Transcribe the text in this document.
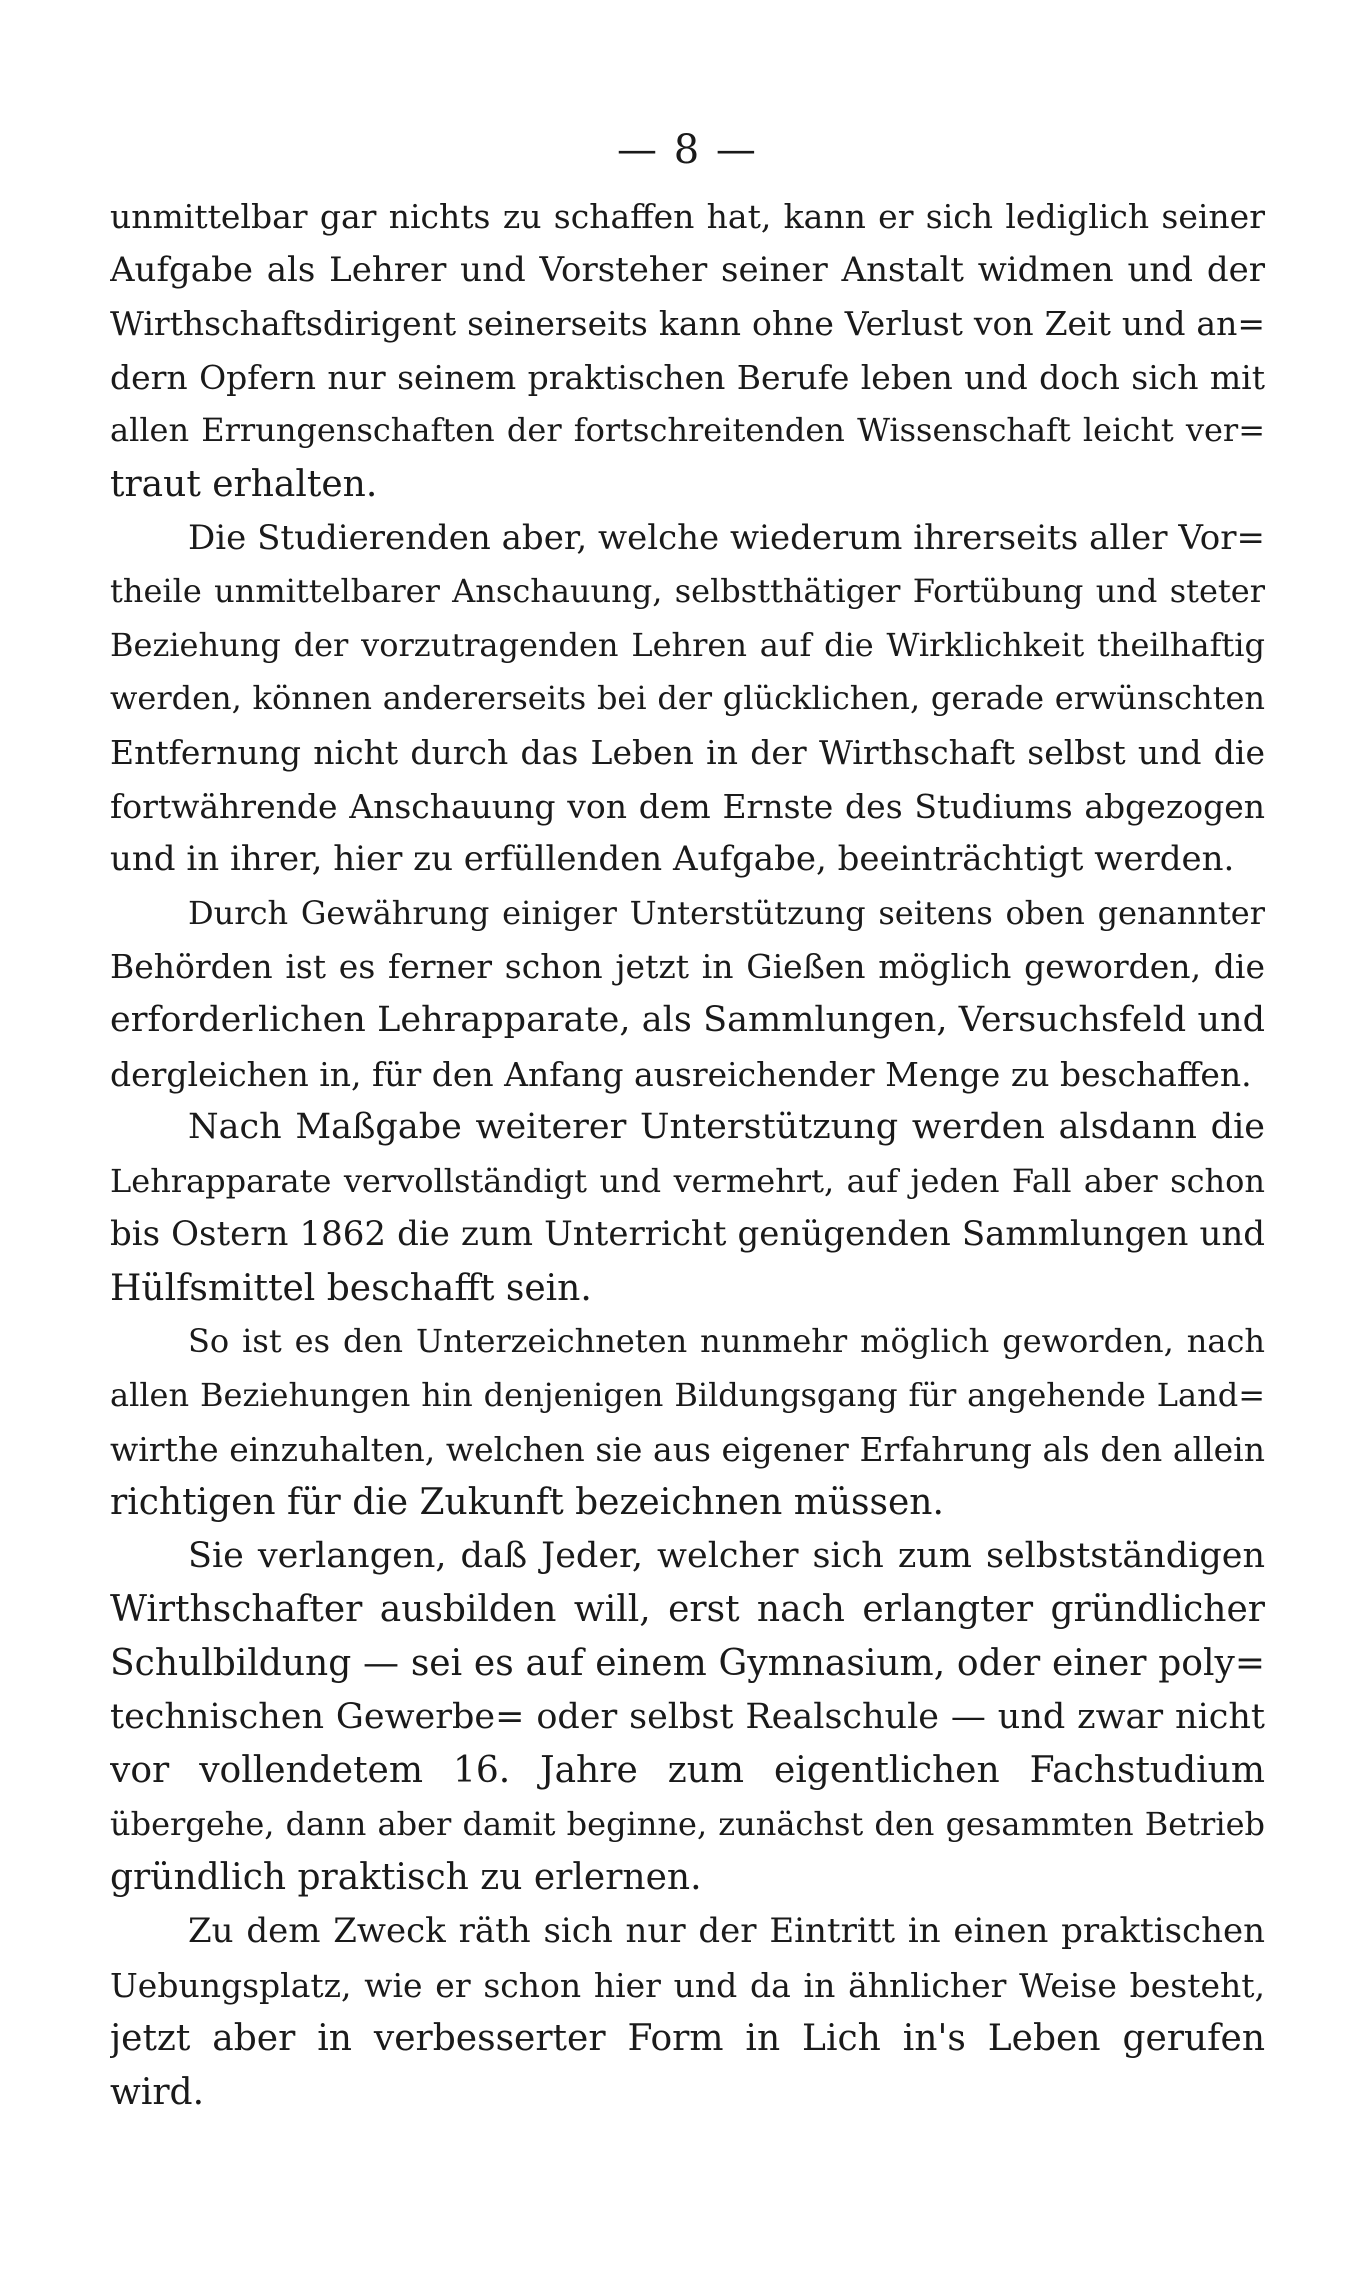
— 8 —
unmittelbar gar nichts zu schaffen hat, kann er sich lediglich seiner
Aufgabe als Lehrer und Vorsteher seiner Anstalt widmen und der
Wirthschaftsdirigent seinerseits kann ohne Verlust von Zeit und an=
dern Opfern nur seinem praktischen Berufe leben und doch sich mit
allen Errungenschaften der fortschreitenden Wissenschaft leicht ver=
traut erhalten.
Die Studierenden aber, welche wiederum ihrerseits aller Vor=
theile unmittelbarer Anschauung, selbstthätiger Fortübung und steter
Beziehung der vorzutragenden Lehren auf die Wirklichkeit theilhaftig
werden, können andererseits bei der glücklichen, gerade erwünschten
Entfernung nicht durch das Leben in der Wirthschaft selbst und die
fortwährende Anschauung von dem Ernste des Studiums abgezogen
und in ihrer, hier zu erfüllenden Aufgabe, beeinträchtigt werden.
Durch Gewährung einiger Unterstützung seitens oben genannter
Behörden ist es ferner schon jetzt in Gießen möglich geworden, die
erforderlichen Lehrapparate, als Sammlungen, Versuchsfeld und
dergleichen in, für den Anfang ausreichender Menge zu beschaffen.
Nach Maßgabe weiterer Unterstützung werden alsdann die
Lehrapparate vervollständigt und vermehrt, auf jeden Fall aber schon
bis Ostern 1862 die zum Unterricht genügenden Sammlungen und
Hülfsmittel beschafft sein.
So ist es den Unterzeichneten nunmehr möglich geworden, nach
allen Beziehungen hin denjenigen Bildungsgang für angehende Land=
wirthe einzuhalten, welchen sie aus eigener Erfahrung als den allein
richtigen für die Zukunft bezeichnen müssen.
Sie verlangen, daß Jeder, welcher sich zum selbstständigen
Wirthschafter ausbilden will, erst nach erlangter gründlicher
Schulbildung — sei es auf einem Gymnasium, oder einer poly=
technischen Gewerbe= oder selbst Realschule — und zwar nicht
vor vollendetem 16. Jahre zum eigentlichen Fachstudium
übergehe, dann aber damit beginne, zunächst den gesammten Betrieb
gründlich praktisch zu erlernen.
Zu dem Zweck räth sich nur der Eintritt in einen praktischen
Uebungsplatz, wie er schon hier und da in ähnlicher Weise besteht,
jetzt aber in verbesserter Form in Lich in's Leben gerufen
wird.
